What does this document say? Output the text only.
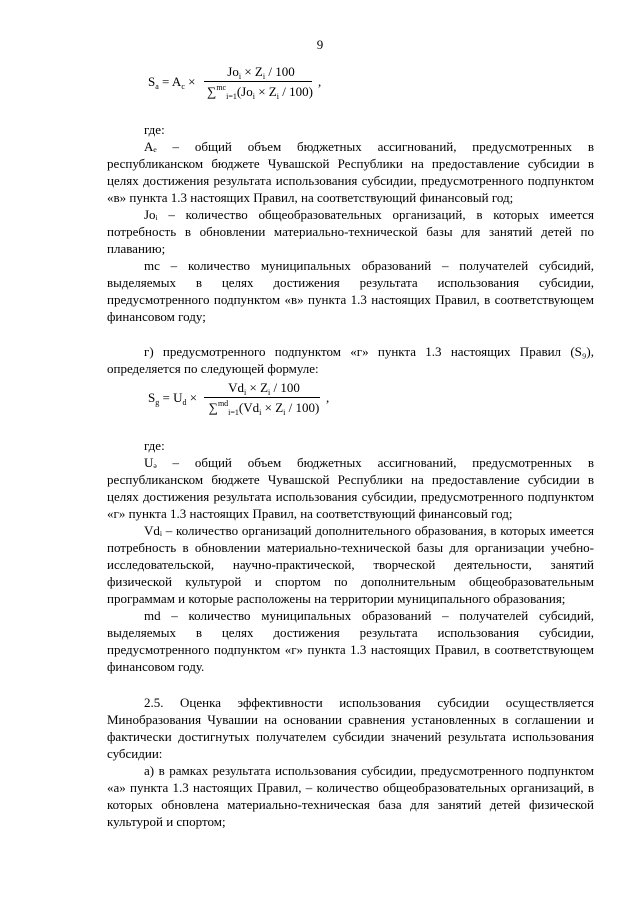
9
$S_a = A_c$ ×
$Jo_i \times Z_i / 100$
$\sum^{mc}_{i=1}(Jo_i \times Z_i / 100)$
,

где:

Aₑ – общий объем бюджетных ассигнований, предусмотренных в республиканском бюджете Чувашской Республики на предоставление субсидии в целях достижения результата использования субсидии, предусмотренного подпунктом «в» пункта 1.3 настоящих Правил, на соответствующий финансовый год;

Joᵢ – количество общеобразовательных организаций, в которых имеется потребность в обновлении материально-технической базы для занятий детей по плаванию;

mc – количество муниципальных образований – получателей субсидий, выделяемых в целях достижения результата использования субсидии, предусмотренного подпунктом «в» пункта 1.3 настоящих Правил, в соответствующем финансовом году;

г) предусмотренного подпунктом «г» пункта 1.3 настоящих Правил (S₉), определяется по следующей формуле:

$S_g = U_d$ ×
$Vd_i \times Z_i / 100$
$\sum^{md}_{i=1}(Vd_i \times Z_i / 100)$
,

где:

Uₔ – общий объем бюджетных ассигнований, предусмотренных в республиканском бюджете Чувашской Республики на предоставление субсидии в целях достижения результата использования субсидии, предусмотренного подпунктом «г» пункта 1.3 настоящих Правил, на соответствующий финансовый год;

Vdᵢ – количество организаций дополнительного образования, в которых имеется потребность в обновлении материально-технической базы для организации учебно-исследовательской, научно-практической, творческой деятельности, занятий физической культурой и спортом по дополнительным общеобразовательным программам и которые расположены на территории муниципального образования;

md – количество муниципальных образований – получателей субсидий, выделяемых в целях достижения результата использования субсидии, предусмотренного подпунктом «г» пункта 1.3 настоящих Правил, в соответствующем финансовом году.

2.5. Оценка эффективности использования субсидии осуществляется Минобразования Чувашии на основании сравнения установленных в соглашении и фактически достигнутых получателем субсидии значений результата использования субсидии:

а) в рамках результата использования субсидии, предусмотренного подпунктом «а» пункта 1.3 настоящих Правил, – количество общеобразовательных организаций, в которых обновлена материально-техническая база для занятий детей физической культурой и спортом;
